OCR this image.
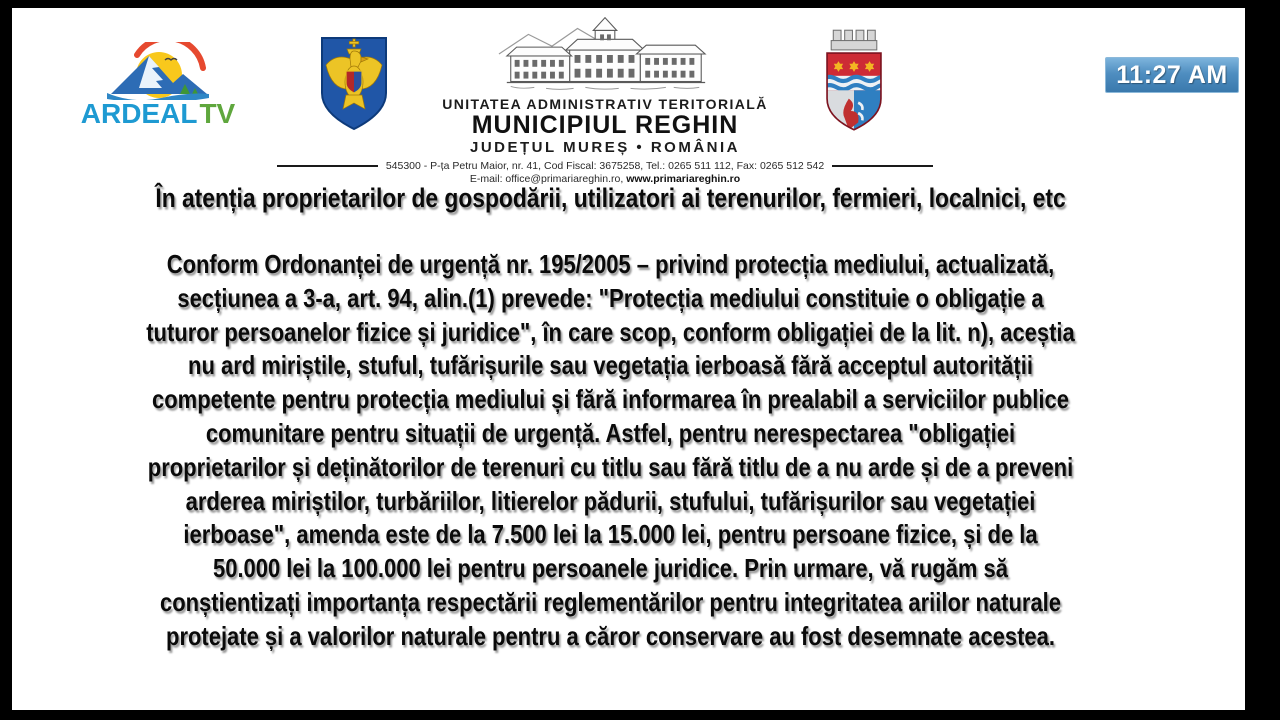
ARDEALTV	UNITATEA ADMINISTRATIV TERITORIALĂ
MUNICIPIUL REGHIN
JUDEȚUL MUREȘ • ROMÂNIA
545300 - P-ța Petru Maior, nr. 41, Cod Fiscal: 3675258, Tel.: 0265 511 112, Fax: 0265 512 542
E-mail: office@primariareghin.ro, www.primariareghin.ro
11:27 AM
În atenția proprietarilor de gospodării, utilizatori ai terenurilor, fermieri, localnici, etc
Conform Ordonanței de urgență nr. 195/2005 – privind protecția mediului, actualizată,
secțiunea a 3-a, art. 94, alin.(1) prevede: "Protecția mediului constituie o obligație a
tuturor persoanelor fizice și juridice", în care scop, conform obligației de la lit. n), aceștia
nu ard miriștile, stuful, tufărișurile sau vegetația ierboasă fără acceptul autorității
competente pentru protecția mediului și fără informarea în prealabil a serviciilor publice
comunitare pentru situații de urgență. Astfel, pentru nerespectarea "obligației
proprietarilor și deținătorilor de terenuri cu titlu sau fără titlu de a nu arde și de a preveni
arderea miriștilor, turbăriilor, litierelor pădurii, stufului, tufărișurilor sau vegetației
ierboase", amenda este de la 7.500 lei la 15.000 lei, pentru persoane fizice, și de la
50.000 lei la 100.000 lei pentru persoanele juridice. Prin urmare, vă rugăm să
conștientizați importanța respectării reglementărilor pentru integritatea ariilor naturale
protejate și a valorilor naturale pentru a căror conservare au fost desemnate acestea.
